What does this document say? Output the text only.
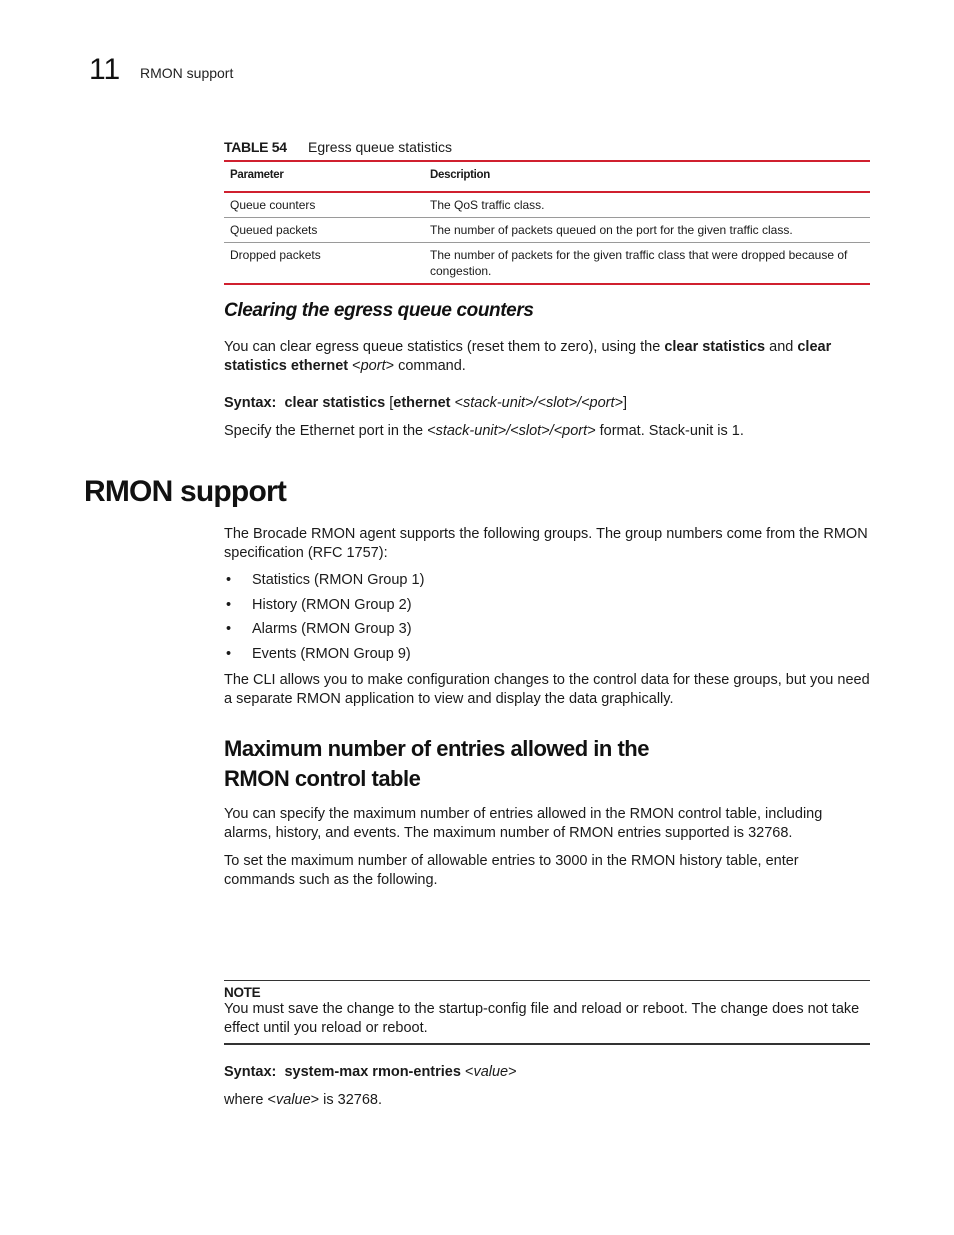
11 RMON support
TABLE 54 Egress queue statistics
Parameter	Description
Queue counters	The QoS traffic class.
Queued packets	The number of packets queued on the port for the given traffic class.
Dropped packets	The number of packets for the given traffic class that were dropped because of congestion.
Clearing the egress queue counters
You can clear egress queue statistics (reset them to zero), using the clear statistics and clear statistics ethernet <port> command.
Syntax: clear statistics [ethernet <stack-unit>/<slot>/<port>]
Specify the Ethernet port in the <stack-unit>/<slot>/<port> format. Stack-unit is 1.
RMON support
The Brocade RMON agent supports the following groups. The group numbers come from the RMON specification (RFC 1757):
• Statistics (RMON Group 1)
• History (RMON Group 2)
• Alarms (RMON Group 3)
• Events (RMON Group 9)
The CLI allows you to make configuration changes to the control data for these groups, but you need a separate RMON application to view and display the data graphically.
Maximum number of entries allowed in the
RMON control table
You can specify the maximum number of entries allowed in the RMON control table, including alarms, history, and events. The maximum number of RMON entries supported is 32768.
To set the maximum number of allowable entries to 3000 in the RMON history table, enter commands such as the following.
NOTE
You must save the change to the startup-config file and reload or reboot. The change does not take effect until you reload or reboot.
Syntax: system-max rmon-entries <value>
where <value> is 32768.
